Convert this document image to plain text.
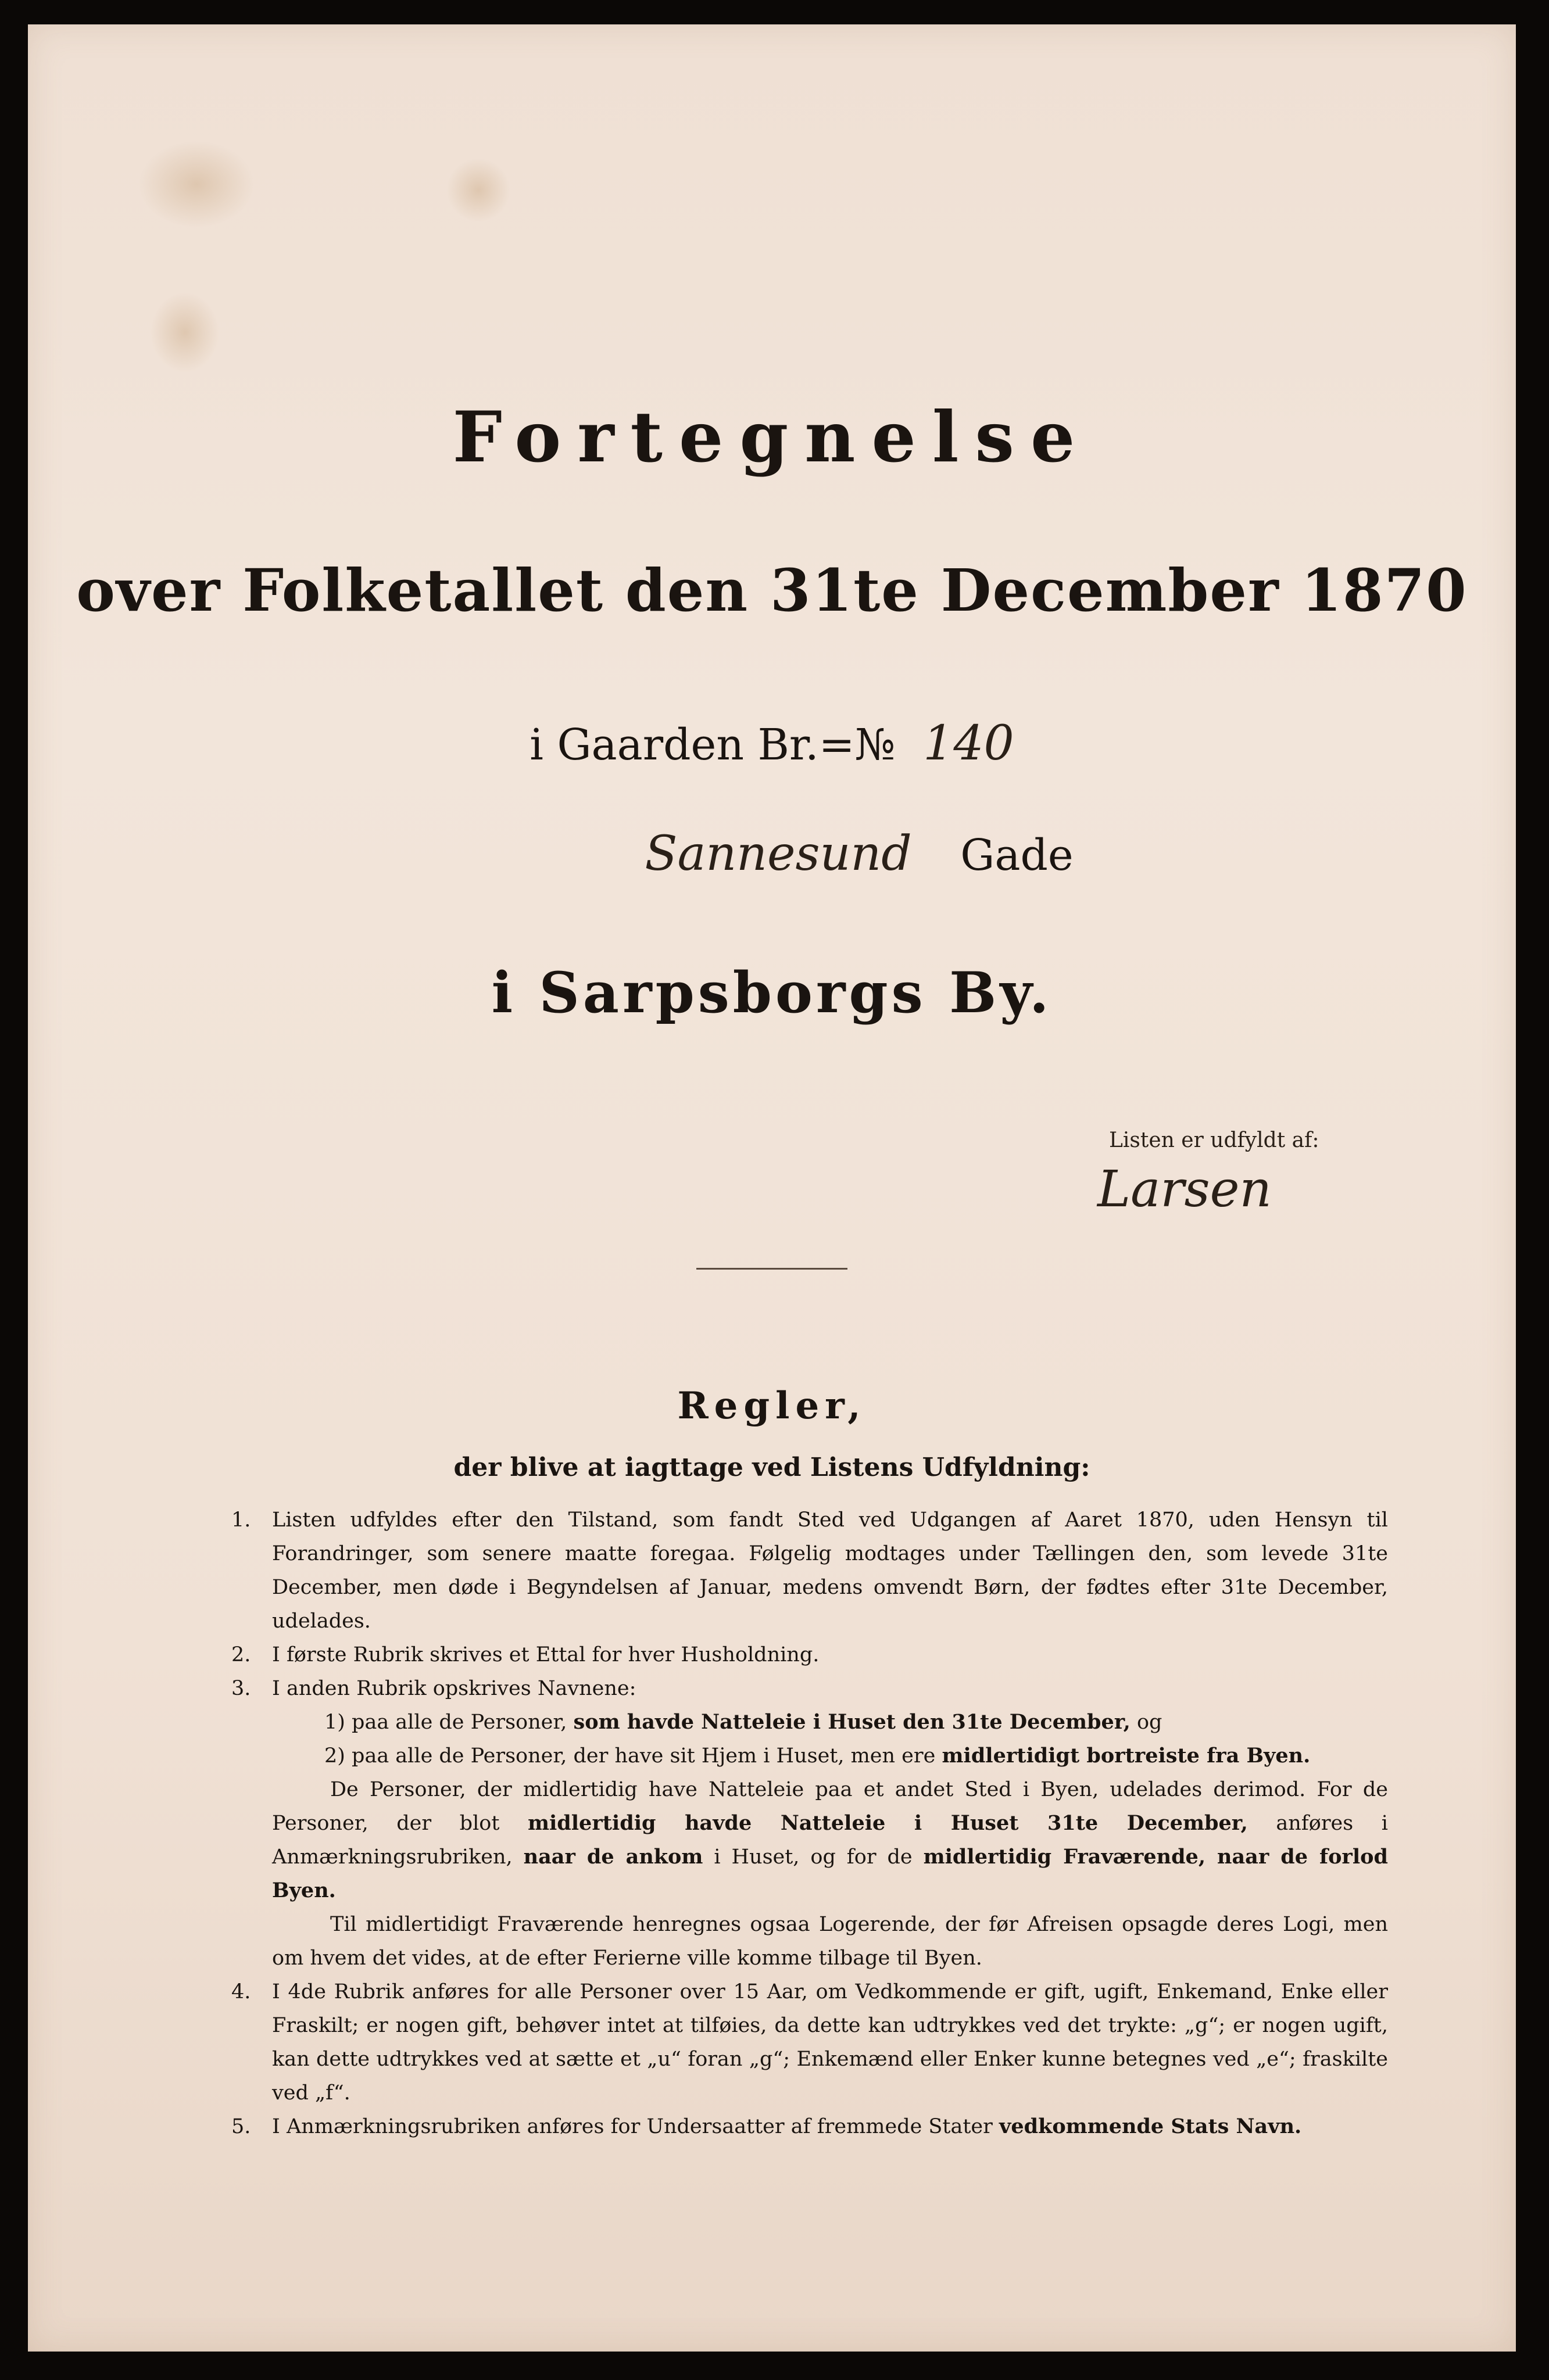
Fortegnelse
over Folketallet den 31te December 1870
i Gaarden Br.=№ 140
Sannesund Gade
i Sarpsborgs By.
Listen er udfyldt af:
Larsen
Regler,
der blive at iagttage ved Listens Udfyldning:
1. Listen udfyldes efter den Tilstand, som fandt Sted ved Udgangen af Aaret 1870, uden Hensyn til Forandringer, som senere maatte foregaa. Følgelig modtages under Tællingen den, som levede 31te December, men døde i Begyndelsen af Januar, medens omvendt Børn, der fødtes efter 31te December, udelades.
2. I første Rubrik skrives et Ettal for hver Husholdning.
3. I anden Rubrik opskrives Navnene:
1) paa alle de Personer, som havde Natteleie i Huset den 31te December, og
2) paa alle de Personer, der have sit Hjem i Huset, men ere midlertidigt bortreiste fra Byen.
De Personer, der midlertidig have Natteleie paa et andet Sted i Byen, udelades derimod. For de Personer, der blot midlertidig havde Natteleie i Huset 31te December, anføres i Anmærkningsrubriken, naar de ankom i Huset, og for de midlertidig Fraværende, naar de forlod Byen.
Til midlertidigt Fraværende henregnes ogsaa Logerende, der før Afreisen opsagde deres Logi, men om hvem det vides, at de efter Ferierne ville komme tilbage til Byen.
4. I 4de Rubrik anføres for alle Personer over 15 Aar, om Vedkommende er gift, ugift, Enkemand, Enke eller Fraskilt; er nogen gift, behøver intet at tilføies, da dette kan udtrykkes ved det trykte: „g“; er nogen ugift, kan dette udtrykkes ved at sætte et „u“ foran „g“; Enkemænd eller Enker kunne betegnes ved „e“; fraskilte ved „f“.
5. I Anmærkningsrubriken anføres for Undersaatter af fremmede Stater vedkommende Stats Navn.
